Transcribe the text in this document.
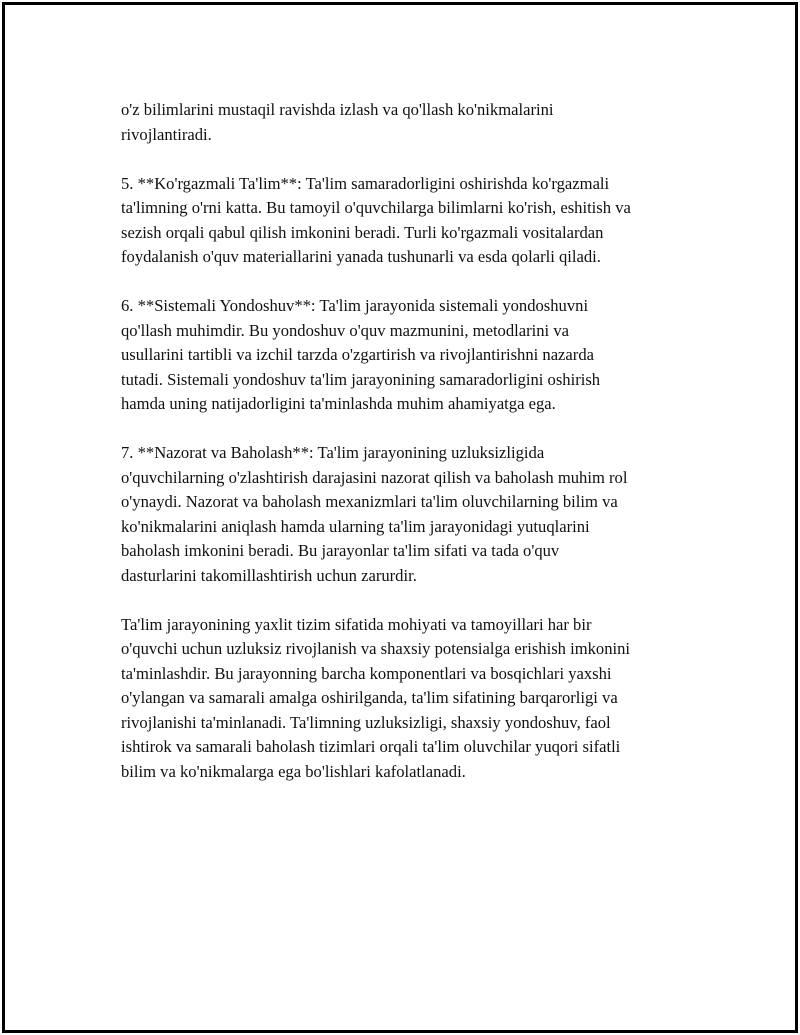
o'z bilimlarini mustaqil ravishda izlash va qo'llash ko'nikmalarini
rivojlantiradi.

5. **Ko'rgazmali Ta'lim**: Ta'lim samaradorligini oshirishda ko'rgazmali
ta'limning o'rni katta. Bu tamoyil o'quvchilarga bilimlarni ko'rish, eshitish va
sezish orqali qabul qilish imkonini beradi. Turli ko'rgazmali vositalardan
foydalanish o'quv materiallarini yanada tushunarli va esda qolarli qiladi.

6. **Sistemali Yondoshuv**: Ta'lim jarayonida sistemali yondoshuvni
qo'llash muhimdir. Bu yondoshuv o'quv mazmunini, metodlarini va
usullarini tartibli va izchil tarzda o'zgartirish va rivojlantirishni nazarda
tutadi. Sistemali yondoshuv ta'lim jarayonining samaradorligini oshirish
hamda uning natijadorligini ta'minlashda muhim ahamiyatga ega.

7. **Nazorat va Baholash**: Ta'lim jarayonining uzluksizligida
o'quvchilarning o'zlashtirish darajasini nazorat qilish va baholash muhim rol
o'ynaydi. Nazorat va baholash mexanizmlari ta'lim oluvchilarning bilim va
ko'nikmalarini aniqlash hamda ularning ta'lim jarayonidagi yutuqlarini
baholash imkonini beradi. Bu jarayonlar ta'lim sifati va tada o'quv
dasturlarini takomillashtirish uchun zarurdir.

Ta'lim jarayonining yaxlit tizim sifatida mohiyati va tamoyillari har bir
o'quvchi uchun uzluksiz rivojlanish va shaxsiy potensialga erishish imkonini
ta'minlashdir. Bu jarayonning barcha komponentlari va bosqichlari yaxshi
o'ylangan va samarali amalga oshirilganda, ta'lim sifatining barqarorligi va
rivojlanishi ta'minlanadi. Ta'limning uzluksizligi, shaxsiy yondoshuv, faol
ishtirok va samarali baholash tizimlari orqali ta'lim oluvchilar yuqori sifatli
bilim va ko'nikmalarga ega bo'lishlari kafolatlanadi.
